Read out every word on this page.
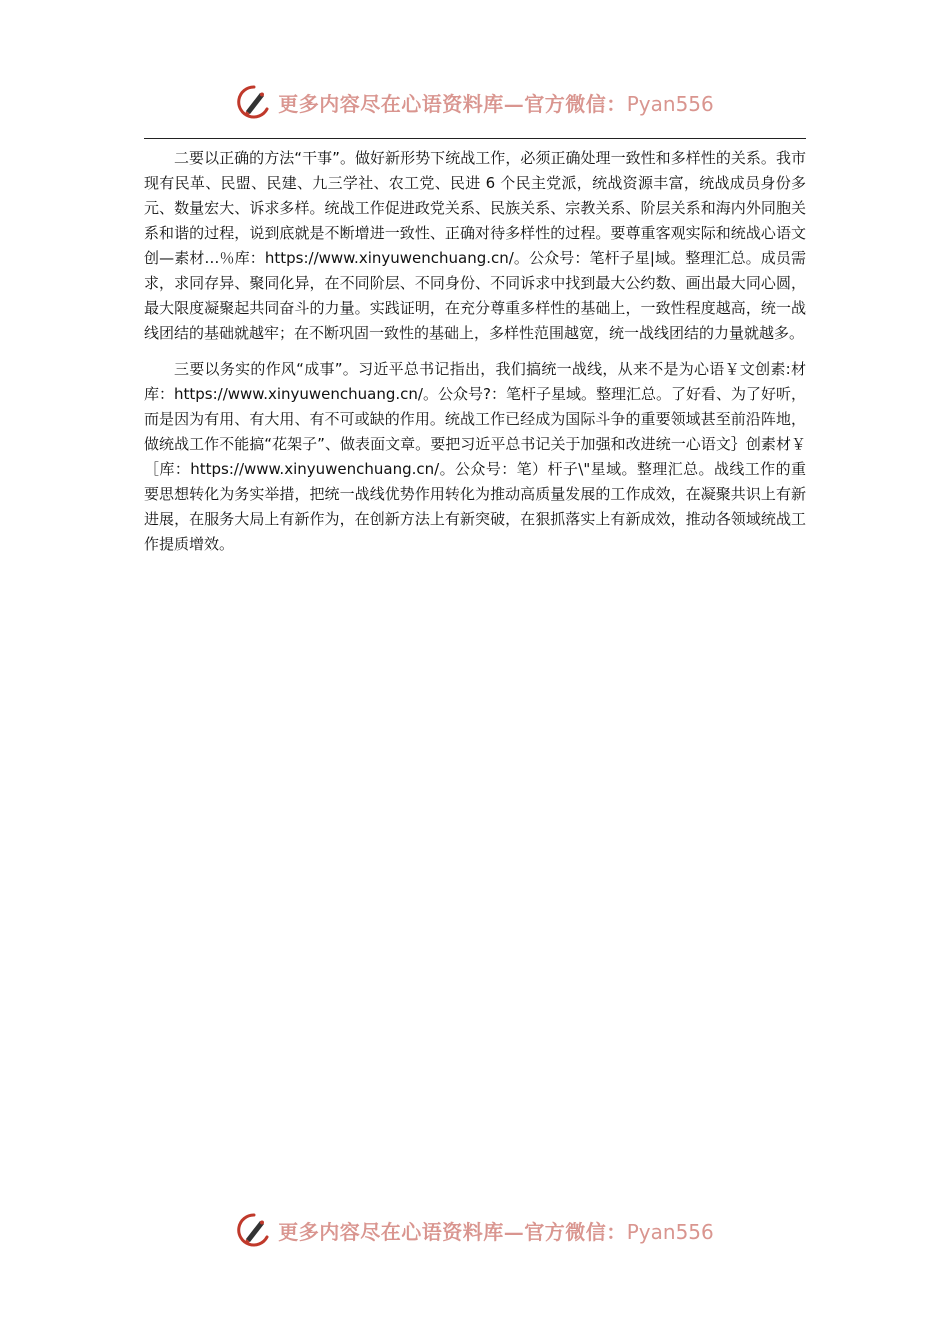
更多内容尽在心语资料库 — 官方微信： Pyan556

二要以正确的方法“干事”。做好新形势下统战工作，必须正确处理一致性和多样性的关系。我市现有民革、民盟、民建、九三学社、农工党、民进 6 个民主党派，统战资源丰富，统战成员身份多元、数量宏大、诉求多样。统战工作促进政党关系、民族关系、宗教关系、阶层关系和海内外同胞关系和谐的过程，说到底就是不断增进一致性、正确对待多样性的过程。要尊重客观实际和统战心语文创—素材…％库：https://www.xinyuwenchuang.cn/。公众号：笔杆子星|域。整理汇总。成员需求，求同存异、聚同化异，在不同阶层、不同身份、不同诉求中找到最大公约数、画出最大同心圆，最大限度凝聚起共同奋斗的力量。实践证明，在充分尊重多样性的基础上，一致性程度越高，统一战线团结的基础就越牢；在不断巩固一致性的基础上，多样性范围越宽，统一战线团结的力量就越多。

三要以务实的作风“成事”。习近平总书记指出，我们搞统一战线，从来不是为心语￥文创素:材库：https://www.xinyuwenchuang.cn/。公众号?：笔杆子星域。整理汇总。了好看、为了好听，而是因为有用、有大用、有不可或缺的作用。统战工作已经成为国际斗争的重要领域甚至前沿阵地，做统战工作不能搞“花架子”、做表面文章。要把习近平总书记关于加强和改进统一心语文｝创素材￥［库：https://www.xinyuwenchuang.cn/。公众号：笔）杆子\"星域。整理汇总。战线工作的重要思想转化为务实举措，把统一战线优势作用转化为推动高质量发展的工作成效，在凝聚共识上有新进展，在服务大局上有新作为，在创新方法上有新突破，在狠抓落实上有新成效，推动各领域统战工作提质增效。

更多内容尽在心语资料库 — 官方微信： Pyan556
